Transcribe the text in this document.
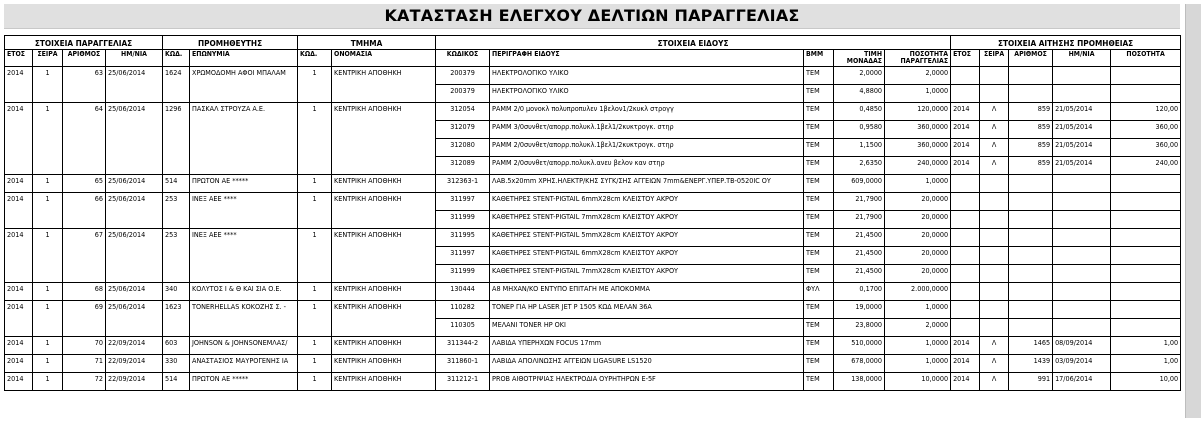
ΚΑΤΑΣΤΑΣΗ ΕΛΕΓΧΟΥ ΔΕΛΤΙΩΝ ΠΑΡΑΓΓΕΛΙΑΣ
ΣΤΟΙΧΕΙΑ ΠΑΡΑΓΓΕΛΙΑΣ				ΠΡΟΜΗΘΕΥΤΗΣ		ΤΜΗΜΑ		ΣΤΟΙΧΕΙΑ ΕΙΔΟΥΣ					ΣΤΟΙΧΕΙΑ ΑΙΤΗΣΗΣ ΠΡΟΜΗΘΕΙΑΣ				
ΕΤΟΣ	ΣΕΙΡΑ	ΑΡΙΘΜΟΣ	ΗΜ/ΝΙΑ	ΚΩΔ.	ΕΠΩΝΥΜΙΑ	ΚΩΔ.	ΟΝΟΜΑΣΙΑ	ΚΩΔΙΚΟΣ	ΠΕΡΙΓΡΑΦΗ ΕΙΔΟΥΣ	ΒΜΜ	ΤΙΜΗ ΜΟΝΑΔΑΣ	ΠΟΣΟΤΗΤΑ ΠΑΡΑΓΓΕΛΙΑΣ	ΕΤΟΣ	ΣΕΙΡΑ	ΑΡΙΘΜΟΣ	ΗΜ/ΝΙΑ	ΠΟΣΟΤΗΤΑ
2014	1	63	25/06/2014	1624	ΧΡΩΜΟΔΟΜΗ ΑΦΟΙ ΜΠΑΛΑΜ	1	ΚΕΝΤΡΙΚΗ ΑΠΟΘΗΚΗ	200379	ΗΛΕΚΤΡΟΛΟΓΙΚΟ ΥΛΙΚΟ	ΤΕΜ	2,0000	2,0000					
								200379	ΗΛΕΚΤΡΟΛΟΓΙΚΟ ΥΛΙΚΟ	ΤΕΜ	4,8800	1,0000					
2014	1	64	25/06/2014	1296	ΠΑΣΚΑΛ ΣΤΡΟΥΖΑ Α.Ε.	1	ΚΕΝΤΡΙΚΗ ΑΠΟΘΗΚΗ	312054	ΡΑΜΜ 2/0 μονοκλ πολυπροπυλεν 1βελον1/2κυκλ στρογγ	ΤΕΜ	0,4850	120,0000	2014	Λ	859	21/05/2014	120,00
								312079	ΡΑΜΜ 3/0συνθετ/απορρ.πολυκλ.1βελ1/2κυκτρογκ. στηρ	ΤΕΜ	0,9580	360,0000	2014	Λ	859	21/05/2014	360,00
								312080	ΡΑΜΜ 2/0συνθετ/απορρ.πολυκλ.1βελ1/2κυκτρογκ. στηρ	ΤΕΜ	1,1500	360,0000	2014	Λ	859	21/05/2014	360,00
								312089	ΡΑΜΜ 2/0συνθετ/απορρ.πολυκλ.ανευ βελον καν στηρ	ΤΕΜ	2,6350	240,0000	2014	Λ	859	21/05/2014	240,00
2014	1	65	25/06/2014	514	ΠΡΩΤΟΝ ΑΕ *****	1	ΚΕΝΤΡΙΚΗ ΑΠΟΘΗΚΗ	312363-1	ΛΑΒ.5x20mm ΧΡΗΣ.ΗΛΕΚΤΡ/ΚΗΣ ΣΥΓΚ/ΣΗΣ ΑΓΓΕΙΩΝ 7mm&ΕΝΕΡΓ.ΥΠΕΡ.ΤΒ-0520IC ΟΥ	ΤΕΜ	609,0000	1,0000					
2014	1	66	25/06/2014	253	ΙΝΕΞ ΑΕΕ ****	1	ΚΕΝΤΡΙΚΗ ΑΠΟΘΗΚΗ	311997	ΚΑΘΕΤΗΡΕΣ STENT-PIGTAIL 6mmX28cm ΚΛΕΙΣΤΟΥ ΑΚΡΟΥ	ΤΕΜ	21,7900	20,0000					
								311999	ΚΑΘΕΤΗΡΕΣ STENT-PIGTAIL 7mmX28cm ΚΛΕΙΣΤΟΥ ΑΚΡΟΥ	ΤΕΜ	21,7900	20,0000					
2014	1	67	25/06/2014	253	ΙΝΕΞ ΑΕΕ ****	1	ΚΕΝΤΡΙΚΗ ΑΠΟΘΗΚΗ	311995	ΚΑΘΕΤΗΡΕΣ STENT-PIGTAIL 5mmX28cm ΚΛΕΙΣΤΟΥ ΑΚΡΟΥ	ΤΕΜ	21,4500	20,0000					
								311997	ΚΑΘΕΤΗΡΕΣ STENT-PIGTAIL 6mmX28cm ΚΛΕΙΣΤΟΥ ΑΚΡΟΥ	ΤΕΜ	21,4500	20,0000					
								311999	ΚΑΘΕΤΗΡΕΣ STENT-PIGTAIL 7mmX28cm ΚΛΕΙΣΤΟΥ ΑΚΡΟΥ	ΤΕΜ	21,4500	20,0000					
2014	1	68	25/06/2014	340	ΚΟΛΥΤΟΣ Ι & Θ ΚΑΙ ΣΙΑ Ο.Ε.	1	ΚΕΝΤΡΙΚΗ ΑΠΟΘΗΚΗ	130444	Α8 ΜΗΧΑΝ/ΚΟ ΕΝΤΥΠΟ ΕΠΙΤΑΓΗ ΜΕ ΑΠΟΚΟΜΜΑ	ΦΥΛ	0,1700	2.000,0000					
2014	1	69	25/06/2014	1623	TONERHELLAS ΚΟΚΟΖΗΣ Σ. -	1	ΚΕΝΤΡΙΚΗ ΑΠΟΘΗΚΗ	110282	ΤΟΝΕΡ ΓΙΑ HP LASER JET P 1505 ΚΩΔ ΜΕΛΑΝ 36A	ΤΕΜ	19,0000	1,0000					
								110305	ΜΕΛΑΝΙ TONER HP OKI	ΤΕΜ	23,8000	2,0000					
2014	1	70	22/09/2014	603	JOHNSON & JOHNSONΕΜΛΑΣ/	1	ΚΕΝΤΡΙΚΗ ΑΠΟΘΗΚΗ	311344-2	ΛΑΒΙΔΑ ΥΠΕΡΗΧΩΝ FOCUS 17mm	ΤΕΜ	510,0000	1,0000	2014	Λ	1465	08/09/2014	1,00
2014	1	71	22/09/2014	330	ΑΝΑΣΤΑΣΙΟΣ ΜΑΥΡΟΓΕΝΗΣ ΙΑ	1	ΚΕΝΤΡΙΚΗ ΑΠΟΘΗΚΗ	311860-1	ΛΑΒΙΔΑ ΑΠΟΛΙΝΩΣΗΣ ΑΓΓΕΙΩΝ LIGASURE LS1520	ΤΕΜ	678,0000	1,0000	2014	Λ	1439	03/09/2014	1,00
2014	1	72	22/09/2014	514	ΠΡΩΤΟΝ ΑΕ *****	1	ΚΕΝΤΡΙΚΗ ΑΠΟΘΗΚΗ	311212-1	PROB ΑΙΘΟΤΡΙΨΙΑΣ ΗΛΕΚΤΡΟΔΙΑ ΟΥΡΗΤΗΡΩΝ Ε-5F	ΤΕΜ	138,0000	10,0000	2014	Λ	991	17/06/2014	10,00
